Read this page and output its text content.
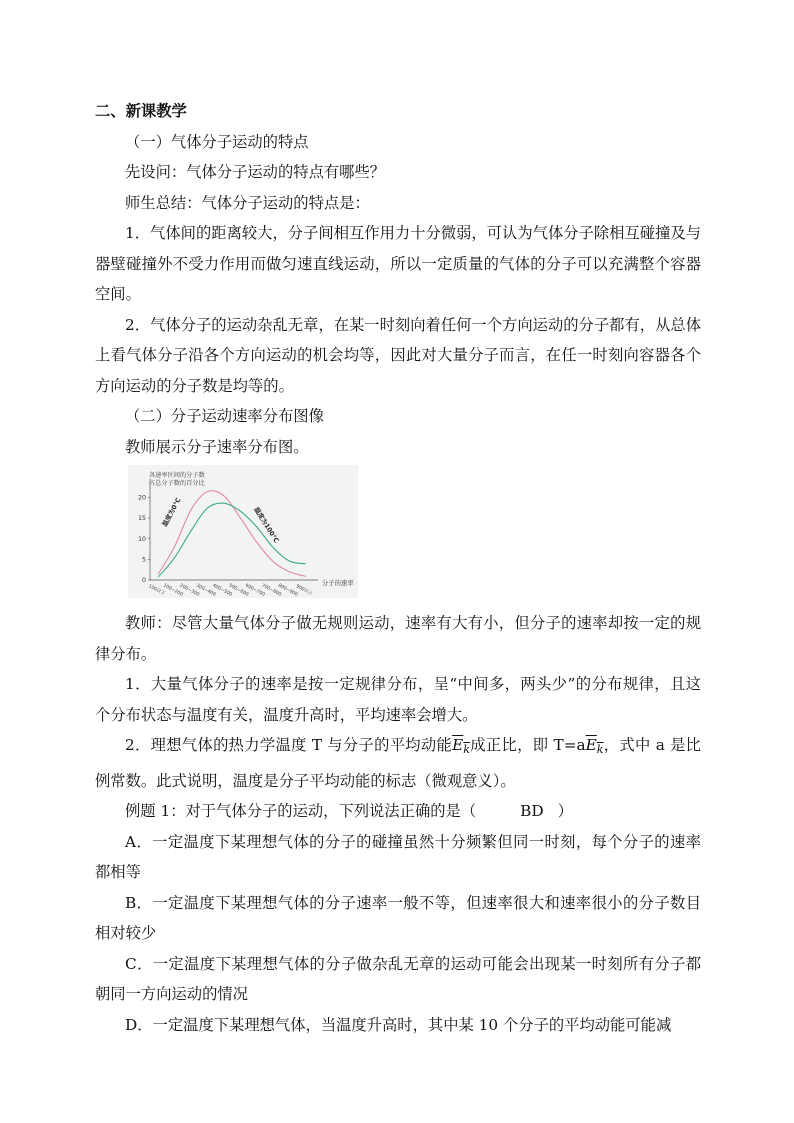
二、新课教学

（一）气体分子运动的特点

先设问：气体分子运动的特点有哪些？

师生总结：气体分子运动的特点是：

1．气体间的距离较大，分子间相互作用力十分微弱，可认为气体分子除相互碰撞及与器壁碰撞外不受力作用而做匀速直线运动，所以一定质量的气体的分子可以充满整个容器空间。

2．气体分子的运动杂乱无章，在某一时刻向着任何一个方向运动的分子都有，从总体上看气体分子沿各个方向运动的机会均等，因此对大量分子而言，在任一时刻向容器各个方向运动的分子数是均等的。

（二）分子运动速率分布图像

教师展示分子速率分布图。

各速率区间的分子数
占总分子数的百分比
0
5
10
15
20
100以下
100~200
200~300
300~400
400~500
500~600
600~700
700~800
800~900
900以上
分子的速率
温度为0℃	温度为100℃

教师：尽管大量气体分子做无规则运动，速率有大有小，但分子的速率却按一定的规律分布。

1．大量气体分子的速率是按一定规律分布，呈“中间多，两头少”的分布规律，且这个分布状态与温度有关，温度升高时，平均速率会增大。

2．理想气体的热力学温度 T 与分子的平均动能Ek成正比，即 T=aEk，式中 a 是比例常数。此式说明，温度是分子平均动能的标志（微观意义）。

例题 1：对于气体分子的运动，下列说法正确的是（	BD ）

A．一定温度下某理想气体的分子的碰撞虽然十分频繁但同一时刻，每个分子的速率都相等

B．一定温度下某理想气体的分子速率一般不等，但速率很大和速率很小的分子数目相对较少

C．一定温度下某理想气体的分子做杂乱无章的运动可能会出现某一时刻所有分子都朝同一方向运动的情况

D．一定温度下某理想气体，当温度升高时，其中某 10 个分子的平均动能可能减
